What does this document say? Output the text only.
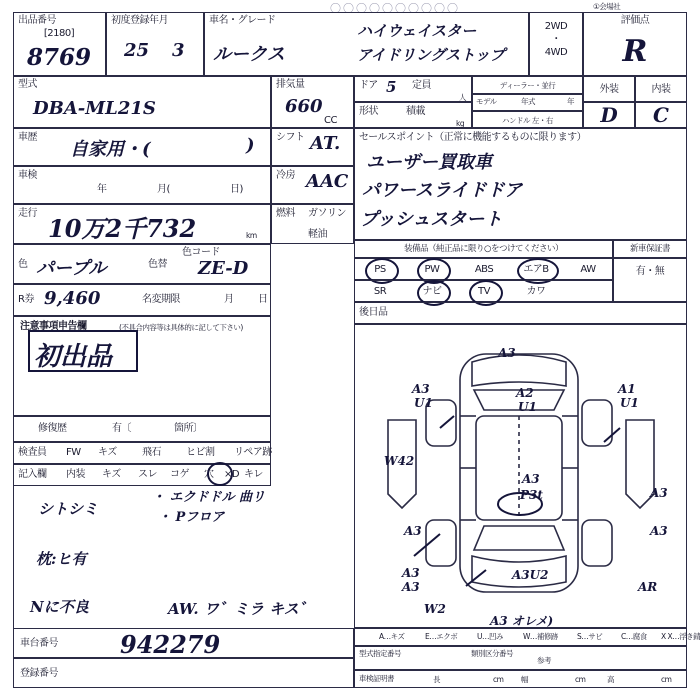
〇〇〇〇〇〇〇〇〇〇
出品番号
[2180]
8769
初度登録年月
25 3
車名・グレード
ルークス
ハイウェイスター
アイドリングストップ
2WD
・
4WD
評価点
R
①会場社
型式
DBA-ML21S
排気量
660
CC
ドア 5	定員
形状	積載
人
kg
ディーラー・並行
モデル	年式	年
ハンドル 左・右
外装	内装
D	C
車歴
自家用・(	)
車検
年	月(	日)
走行
10万2千732	km
色 パープル	色替
色コード
ZE-D
R券 9,460	名変期限	月	日
シフト AT.
冷房 AAC
燃料	ガソリン
軽油
セールスポイント（正常に機能するものに限ります）
ユーザー買取車
パワースライドドア
プッシュスタート
装備品（純正品に限り○をつけてください）	新車保証書
PS	PW	ABS	エアB	AW
SR	ナビ	TV	カワ
有・無
後日品
注意事項申告欄	(不具合内容等は具体的に記して下さい)
初出品
修復歴	有〔	箇所〕
A3
A3
U1
A2
U1
A1
U1
W42
A3
P3t	A3
A3
A3
A3
A3
W2
A3U2
AR
A3 オレメ)
検査員	FW	キズ	飛石	ヒビ割	リペア跡
記入欄	内装	キズ	スレ	コゲ	穴	×D キレ
シトシミ
・ エクドドル 曲リ
・ Pフロア
枕:ヒ有
Nに不良	AW. ワ゛ミラ キス゛
A…キズ	E…エクボ	U…凹み	W…補修跡	S…サビ	C…腐食	X X…浮き錆
車台番号	942279
登録番号
型式指定番号	類別区分番号
参考
車検証明書	長	cm	幅	cm	高	cm
